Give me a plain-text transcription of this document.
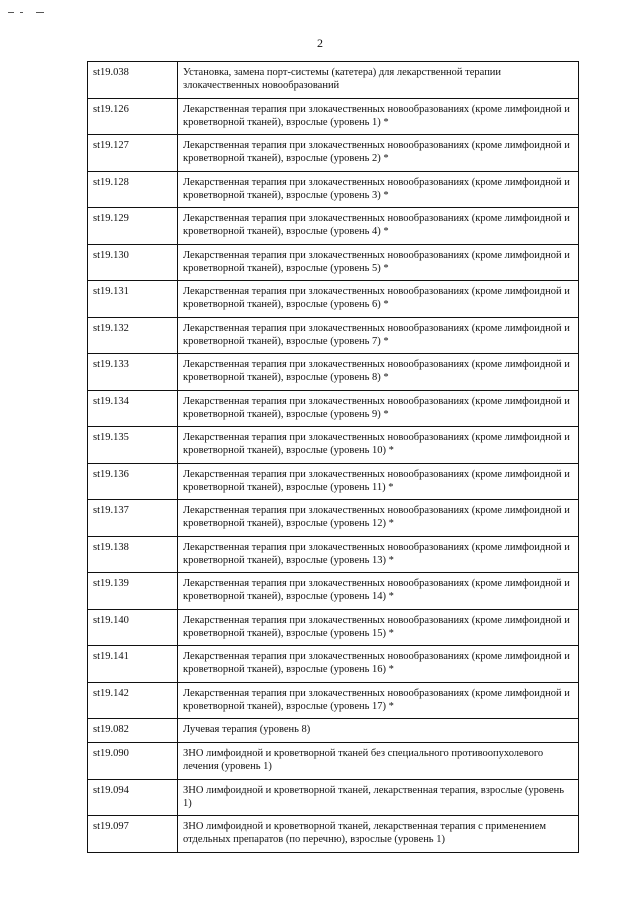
2
st19.038	Установка, замена порт-системы (катетера) для лекарственной терапии злокачественных новообразований
st19.126	Лекарственная терапия при злокачественных новообразованиях (кроме лимфоидной и кроветворной тканей), взрослые (уровень 1) *
st19.127	Лекарственная терапия при злокачественных новообразованиях (кроме лимфоидной и кроветворной тканей), взрослые (уровень 2) *
st19.128	Лекарственная терапия при злокачественных новообразованиях (кроме лимфоидной и кроветворной тканей), взрослые (уровень 3) *
st19.129	Лекарственная терапия при злокачественных новообразованиях (кроме лимфоидной и кроветворной тканей), взрослые (уровень 4) *
st19.130	Лекарственная терапия при злокачественных новообразованиях (кроме лимфоидной и кроветворной тканей), взрослые (уровень 5) *
st19.131	Лекарственная терапия при злокачественных новообразованиях (кроме лимфоидной и кроветворной тканей), взрослые (уровень 6) *
st19.132	Лекарственная терапия при злокачественных новообразованиях (кроме лимфоидной и кроветворной тканей), взрослые (уровень 7) *
st19.133	Лекарственная терапия при злокачественных новообразованиях (кроме лимфоидной и кроветворной тканей), взрослые (уровень 8) *
st19.134	Лекарственная терапия при злокачественных новообразованиях (кроме лимфоидной и кроветворной тканей), взрослые (уровень 9) *
st19.135	Лекарственная терапия при злокачественных новообразованиях (кроме лимфоидной и кроветворной тканей), взрослые (уровень 10) *
st19.136	Лекарственная терапия при злокачественных новообразованиях (кроме лимфоидной и кроветворной тканей), взрослые (уровень 11) *
st19.137	Лекарственная терапия при злокачественных новообразованиях (кроме лимфоидной и кроветворной тканей), взрослые (уровень 12) *
st19.138	Лекарственная терапия при злокачественных новообразованиях (кроме лимфоидной и кроветворной тканей), взрослые (уровень 13) *
st19.139	Лекарственная терапия при злокачественных новообразованиях (кроме лимфоидной и кроветворной тканей), взрослые (уровень 14) *
st19.140	Лекарственная терапия при злокачественных новообразованиях (кроме лимфоидной и кроветворной тканей), взрослые (уровень 15) *
st19.141	Лекарственная терапия при злокачественных новообразованиях (кроме лимфоидной и кроветворной тканей), взрослые (уровень 16) *
st19.142	Лекарственная терапия при злокачественных новообразованиях (кроме лимфоидной и кроветворной тканей), взрослые (уровень 17) *
st19.082	Лучевая терапия (уровень 8)
st19.090	ЗНО лимфоидной и кроветворной тканей без специального противоопухолевого лечения (уровень 1)
st19.094	ЗНО лимфоидной и кроветворной тканей, лекарственная терапия, взрослые (уровень 1)
st19.097	ЗНО лимфоидной и кроветворной тканей, лекарственная терапия с применением отдельных препаратов (по перечню), взрослые (уровень 1)
